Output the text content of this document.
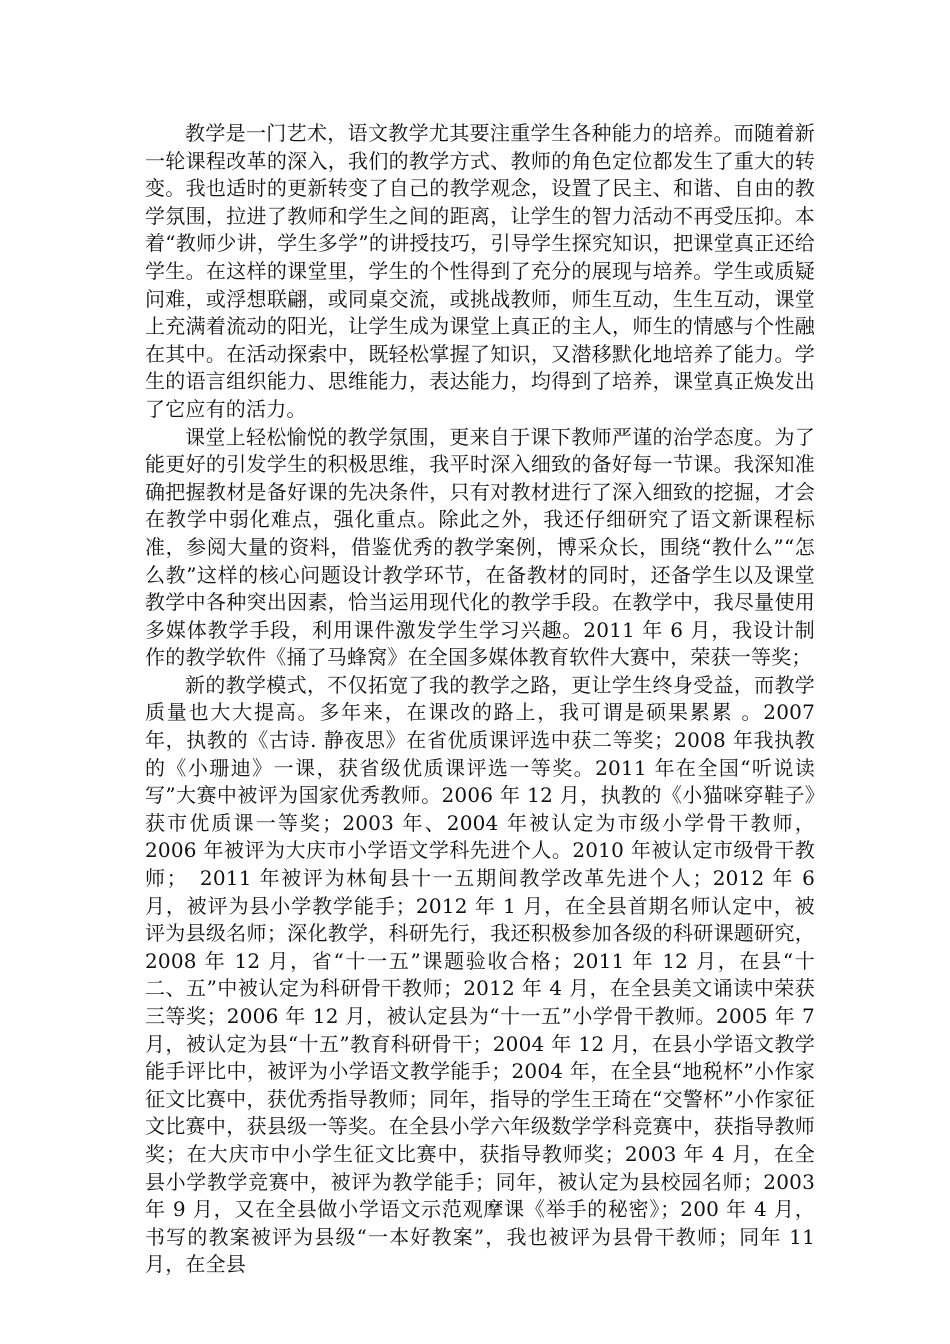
教学是一门艺术，语文教学尤其要注重学生各种能力的培养。而随着新一轮课程改革的深入，我们的教学方式、教师的角色定位都发生了重大的转变。我也适时的更新转变了自己的教学观念，设置了民主、和谐、自由的教学氛围，拉进了教师和学生之间的距离，让学生的智力活动不再受压抑。本着“教师少讲，学生多学”的讲授技巧，引导学生探究知识，把课堂真正还给学生。在这样的课堂里，学生的个性得到了充分的展现与培养。学生或质疑问难，或浮想联翩，或同桌交流，或挑战教师，师生互动，生生互动，课堂上充满着流动的阳光，让学生成为课堂上真正的主人，师生的情感与个性融在其中。在活动探索中，既轻松掌握了知识，又潜移默化地培养了能力。学生的语言组织能力、思维能力，表达能力，均得到了培养，课堂真正焕发出了它应有的活力。

课堂上轻松愉悦的教学氛围，更来自于课下教师严谨的治学态度。为了能更好的引发学生的积极思维，我平时深入细致的备好每一节课。我深知准确把握教材是备好课的先决条件，只有对教材进行了深入细致的挖掘，才会在教学中弱化难点，强化重点。除此之外，我还仔细研究了语文新课程标准，参阅大量的资料，借鉴优秀的教学案例，博采众长，围绕“教什么”“怎么教”这样的核心问题设计教学环节，在备教材的同时，还备学生以及课堂教学中各种突出因素，恰当运用现代化的教学手段。在教学中，我尽量使用多媒体教学手段，利用课件激发学生学习兴趣。2011 年 6 月，我设计制作的教学软件《捅了马蜂窝》在全国多媒体教育软件大赛中，荣获一等奖；

新的教学模式，不仅拓宽了我的教学之路，更让学生终身受益，而教学质量也大大提高。多年来，在课改的路上，我可谓是硕果累累 。2007 年，执教的《古诗. 静夜思》在省优质课评选中获二等奖；2008 年我执教的《小珊迪》一课，获省级优质课评选一等奖。2011 年在全国“听说读写”大赛中被评为国家优秀教师。2006 年 12 月，执教的《小猫咪穿鞋子》获市优质课一等奖；2003 年、2004 年被认定为市级小学骨干教师，2006 年被评为大庆市小学语文学科先进个人。2010 年被认定市级骨干教师；　2011 年被评为林甸县十一五期间教学改革先进个人；2012 年 6 月，被评为县小学教学能手；2012 年 1 月，在全县首期名师认定中，被评为县级名师；深化教学，科研先行，我还积极参加各级的科研课题研究，2008 年 12 月，省“十一五”课题验收合格；2011 年 12 月，在县“十二、五”中被认定为科研骨干教师；2012 年 4 月，在全县美文诵读中荣获三等奖；2006 年 12 月，被认定县为“十一五”小学骨干教师。2005 年 7 月，被认定为县“十五”教育科研骨干；2004 年 12 月，在县小学语文教学能手评比中，被评为小学语文教学能手；2004 年，在全县“地税杯”小作家征文比赛中，获优秀指导教师；同年，指导的学生王琦在“交警杯”小作家征文比赛中，获县级一等奖。在全县小学六年级数学学科竞赛中，获指导教师奖；在大庆市中小学生征文比赛中，获指导教师奖；2003 年 4 月，在全县小学教学竞赛中，被评为教学能手；同年，被认定为县校园名师；2003 年 9 月，又在全县做小学语文示范观摩课《举手的秘密》；200 年 4 月，书写的教案被评为县级“一本好教案”，我也被评为县骨干教师；同年 11 月，在全县
